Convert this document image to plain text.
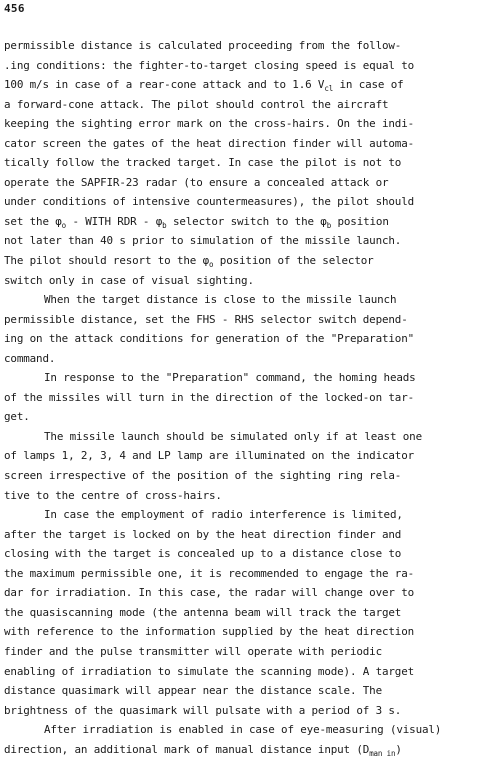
456
permissible distance is calculated proceeding from the follow-
.ing conditions: the fighter-to-target closing speed is equal to
100 m/s in case of a rear-cone attack and to 1.6 $V_{cl}$ in case of
a forward-cone attack. The pilot should control the aircraft
keeping the sighting error mark on the cross-hairs. On the indi-
cator screen the gates of the heat direction finder will automa-
tically follow the tracked target. In case the pilot is not to
operate the SAPFIR-23 radar (to ensure a concealed attack or
under conditions of intensive countermeasures), the pilot should
set the $\varphi_o$ - WITH RDR - $\varphi_b$ selector switch to the $\varphi_b$ position
not later than 40 s prior to simulation of the missile launch.
The pilot should resort to the $\varphi_o$ position of the selector
switch only in case of visual sighting.
When the target distance is close to the missile launch
permissible distance, set the FHS - RHS selector switch depend-
ing on the attack conditions for generation of the "Preparation"
command.
In response to the "Preparation" command, the homing heads
of the missiles will turn in the direction of the locked-on tar-
get.
The missile launch should be simulated only if at least one
of lamps 1, 2, 3, 4 and LP lamp are illuminated on the indicator
screen irrespective of the position of the sighting ring rela-
tive to the centre of cross-hairs.
In case the employment of radio interference is limited,
after the target is locked on by the heat direction finder and
closing with the target is concealed up to a distance close to
the maximum permissible one, it is recommended to engage the ra-
dar for irradiation. In this case, the radar will change over to
the quasiscanning mode (the antenna beam will track the target
with reference to the information supplied by the heat direction
finder and the pulse transmitter will operate with periodic
enabling of irradiation to simulate the scanning mode). A target
distance quasimark will appear near the distance scale. The
brightness of the quasimark will pulsate with a period of 3 s.
After irradiation is enabled in case of eye-measuring (visual)
direction, an additional mark of manual distance input $(D_{man in})$
